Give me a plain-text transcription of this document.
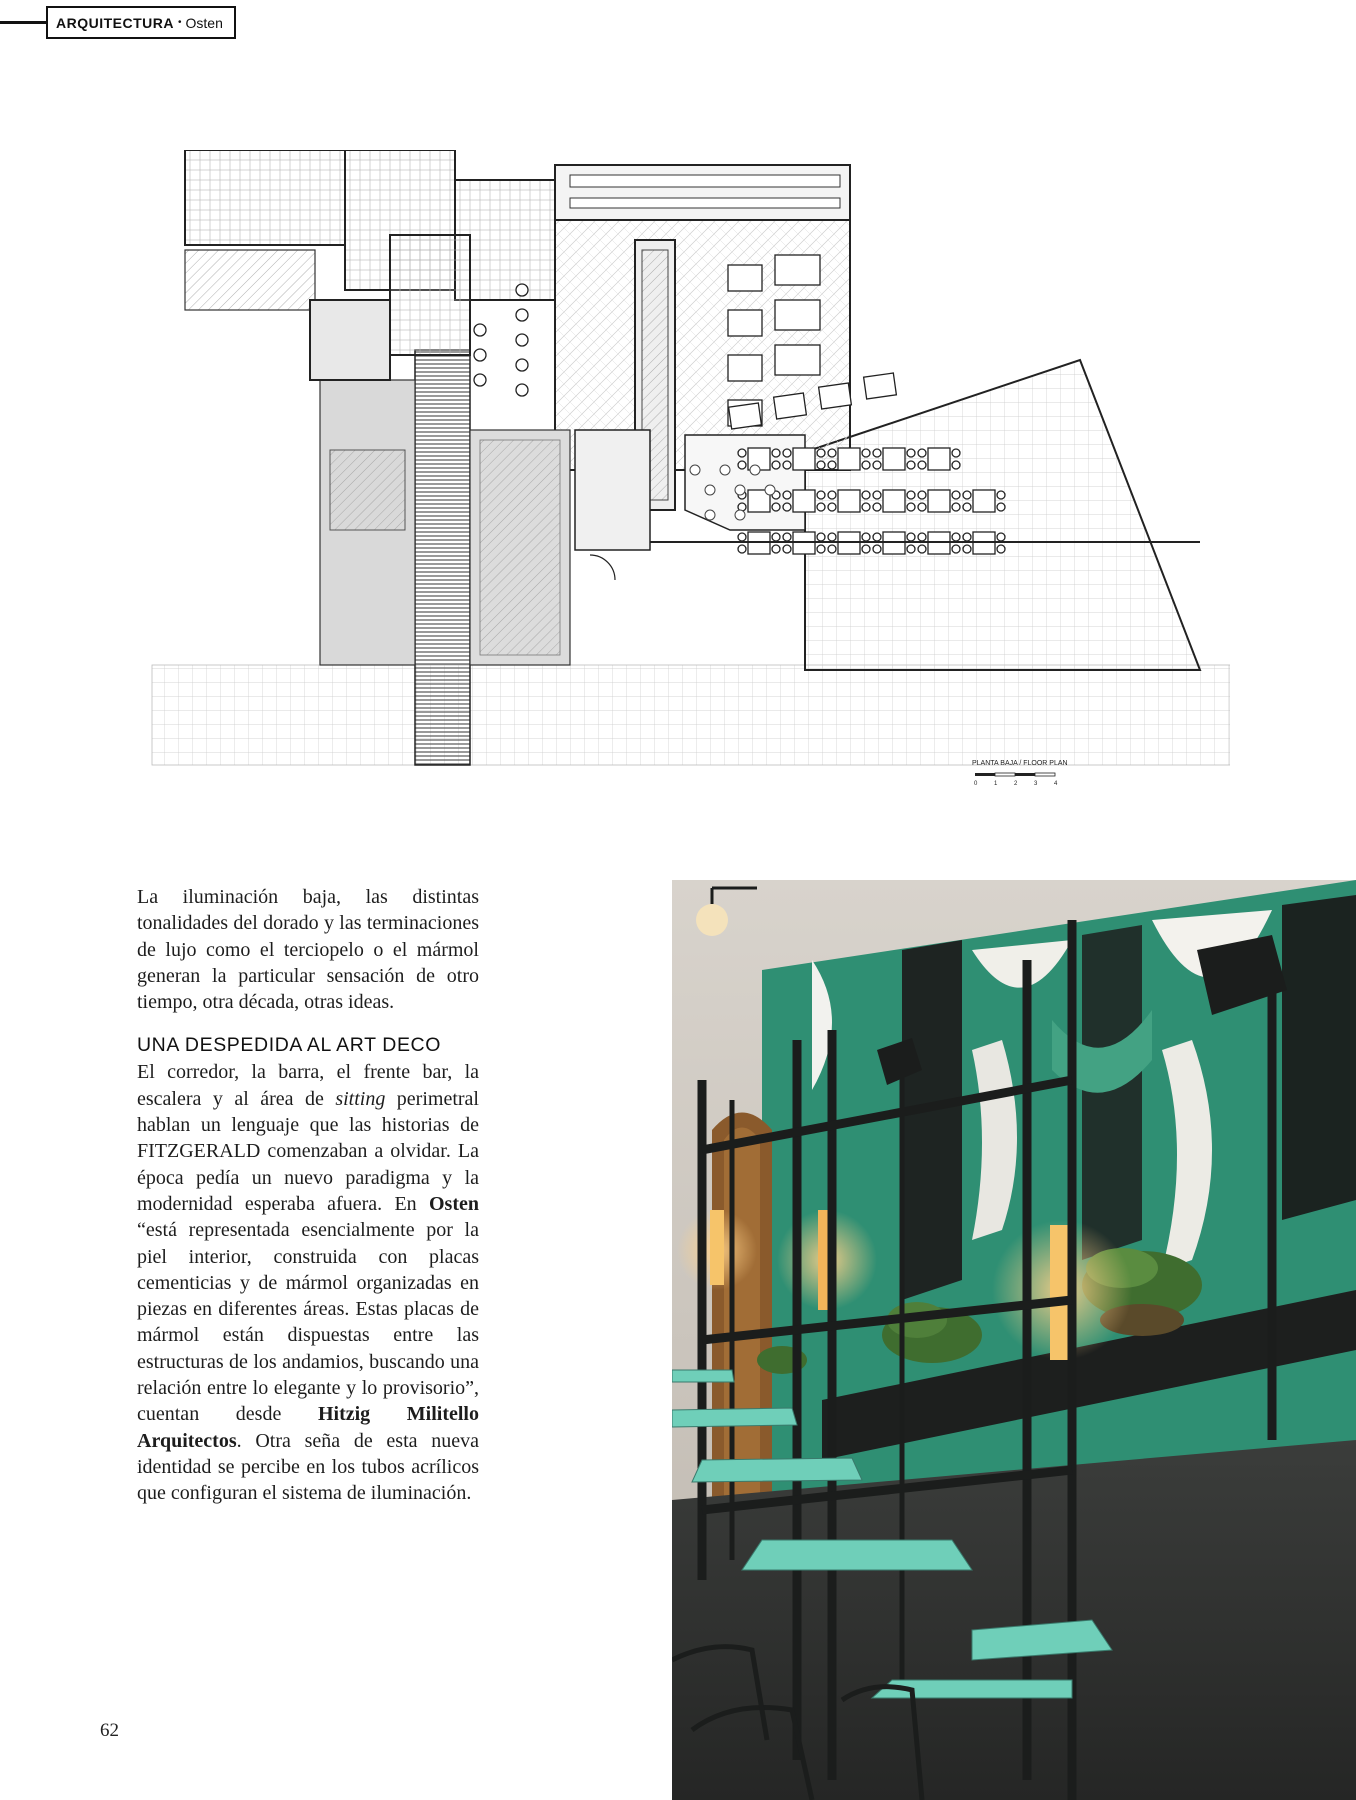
ARQUITECTURA • Osten
PLANTA BAJA / FLOOR PLAN
0	1	2	3	4

La iluminación baja, las distintas tonalidades del dorado y las terminaciones de lujo como el terciopelo o el mármol generan la particular sensación de otro tiempo, otra década, otras ideas.

UNA DESPEDIDA AL ART DECO

El corredor, la barra, el frente bar, la escalera y al área de sitting perimetral hablan un lenguaje que las historias de FITZGERALD comenzaban a olvidar. La época pedía un nuevo paradigma y la modernidad esperaba afuera. En Osten “está representada esencialmente por la piel interior, construida con placas cementicias y de mármol organizadas en piezas en diferentes áreas. Estas placas de mármol están dispuestas entre las estructuras de los andamios, buscando una relación entre lo elegante y lo provisorio”, cuentan desde Hitzig Militello Arquitectos. Otra seña de esta nueva identidad se percibe en los tubos acrílicos que configuran el sistema de iluminación.

62
